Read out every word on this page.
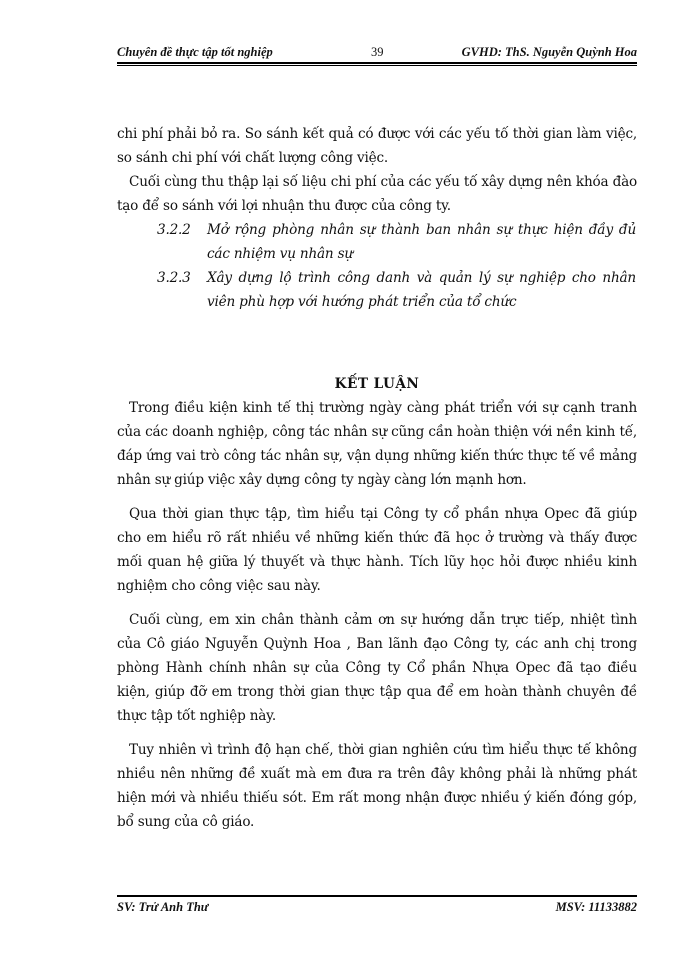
Chuyên đề thực tập tốt nghiệp	39	GVHD: ThS. Nguyễn Quỳnh Hoa

chi phí phải bỏ ra. So sánh kết quả có được với các yếu tố thời gian làm việc, so sánh chi phí với chất lượng công việc.

Cuối cùng thu thập lại số liệu chi phí của các yếu tố xây dựng nên khóa đào tạo để so sánh với lợi nhuận thu được của công ty.

3.2.2 Mở rộng phòng nhân sự thành ban nhân sự thực hiện đầy đủ các nhiệm vụ nhân sự
3.2.3 Xây dựng lộ trình công danh và quản lý sự nghiệp cho nhân viên phù hợp với hướng phát triển của tổ chức

KẾT LUẬN

Trong điều kiện kinh tế thị trường ngày càng phát triển với sự cạnh tranh của các doanh nghiệp, công tác nhân sự cũng cần hoàn thiện với nền kinh tế, đáp ứng vai trò công tác nhân sự, vận dụng những kiến thức thực tế về mảng nhân sự giúp việc xây dựng công ty ngày càng lớn mạnh hơn.

Qua thời gian thực tập, tìm hiểu tại Công ty cổ phần nhựa Opec đã giúp cho em hiểu rõ rất nhiều về những kiến thức đã học ở trường và thấy được mối quan hệ giữa lý thuyết và thực hành. Tích lũy học hỏi được nhiều kinh nghiệm cho công việc sau này.

Cuối cùng, em xin chân thành cảm ơn sự hướng dẫn trực tiếp, nhiệt tình của Cô giáo Nguyễn Quỳnh Hoa , Ban lãnh đạo Công ty, các anh chị trong phòng Hành chính nhân sự của Công ty Cổ phần Nhựa Opec đã tạo điều kiện, giúp đỡ em trong thời gian thực tập qua để em hoàn thành chuyên đề thực tập tốt nghiệp này.

Tuy nhiên vì trình độ hạn chế, thời gian nghiên cứu tìm hiểu thực tế không nhiều nên những đề xuất mà em đưa ra trên đây không phải là những phát hiện mới và nhiều thiếu sót. Em rất mong nhận được nhiều ý kiến đóng góp, bổ sung của cô giáo.

SV: Trử Anh Thư	MSV: 11133882
